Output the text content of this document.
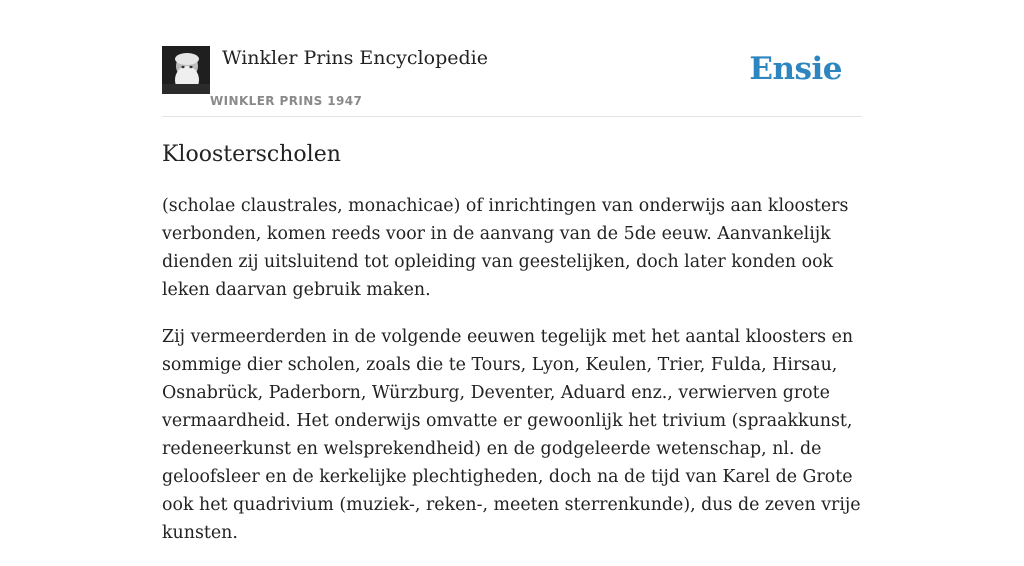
Winkler Prins Encyclopedie
WINKLER PRINS 1947
Ensie
Kloosterscholen

(scholae claustrales, monachicae) of inrichtingen van onderwijs aan kloosters verbonden, komen reeds voor in de aanvang van de 5de eeuw. Aanvankelijk dienden zij uitsluitend tot opleiding van geestelijken, doch later konden ook leken daarvan gebruik maken.

Zij vermeerderden in de volgende eeuwen tegelijk met het aantal kloosters en sommige dier scholen, zoals die te Tours, Lyon, Keulen, Trier, Fulda, Hirsau, Osnabrück, Paderborn, Würzburg, Deventer, Aduard enz., verwierven grote vermaardheid. Het onderwijs omvatte er gewoonlijk het trivium (spraakkunst, redeneerkunst en welsprekendheid) en de godgeleerde wetenschap, nl. de geloofsleer en de kerkelijke plechtigheden, doch na de tijd van Karel de Grote ook het quadrivium (muziek-, reken-, meeten sterrenkunde), dus de zeven vrije kunsten.
